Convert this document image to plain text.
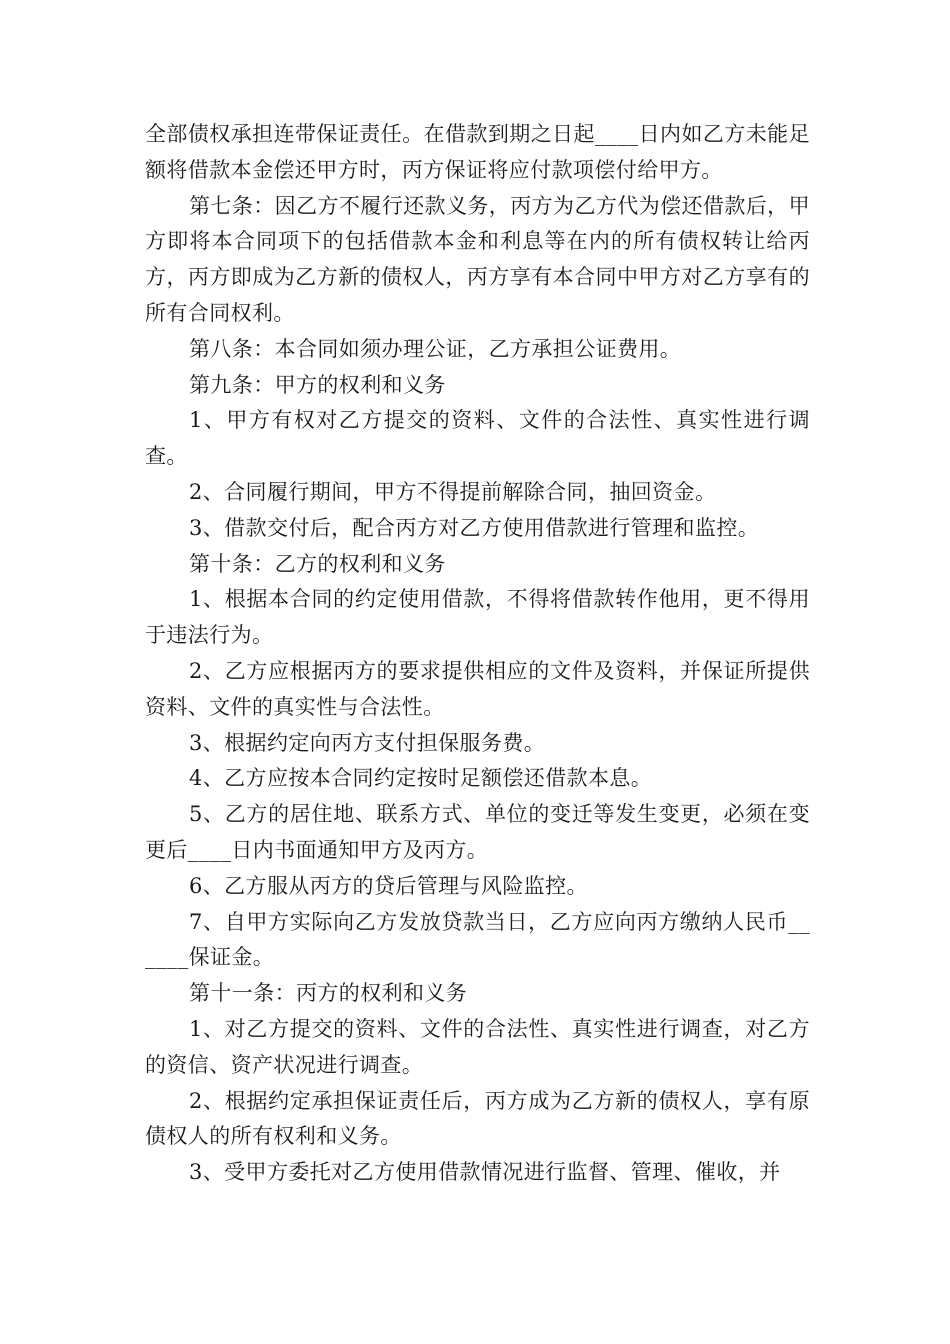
全部债权承担连带保证责任。在借款到期之日起____日内如乙方未能足额将借款本金偿还甲方时，丙方保证将应付款项偿付给甲方。

第七条：因乙方不履行还款义务，丙方为乙方代为偿还借款后，甲方即将本合同项下的包括借款本金和利息等在内的所有债权转让给丙方，丙方即成为乙方新的债权人，丙方享有本合同中甲方对乙方享有的所有合同权利。

第八条：本合同如须办理公证，乙方承担公证费用。

第九条：甲方的权利和义务

1、甲方有权对乙方提交的资料、文件的合法性、真实性进行调查。

2、合同履行期间，甲方不得提前解除合同，抽回资金。

3、借款交付后，配合丙方对乙方使用借款进行管理和监控。

第十条：乙方的权利和义务

1、根据本合同的约定使用借款，不得将借款转作他用，更不得用于违法行为。

2、乙方应根据丙方的要求提供相应的文件及资料，并保证所提供资料、文件的真实性与合法性。

3、根据约定向丙方支付担保服务费。

4、乙方应按本合同约定按时足额偿还借款本息。

5、乙方的居住地、联系方式、单位的变迁等发生变更，必须在变更后____日内书面通知甲方及丙方。

6、乙方服从丙方的贷后管理与风险监控。

7、自甲方实际向乙方发放贷款当日，乙方应向丙方缴纳人民币______保证金。

第十一条：丙方的权利和义务

1、对乙方提交的资料、文件的合法性、真实性进行调查，对乙方的资信、资产状况进行调查。

2、根据约定承担保证责任后，丙方成为乙方新的债权人，享有原债权人的所有权利和义务。

3、受甲方委托对乙方使用借款情况进行监督、管理、催收，并
